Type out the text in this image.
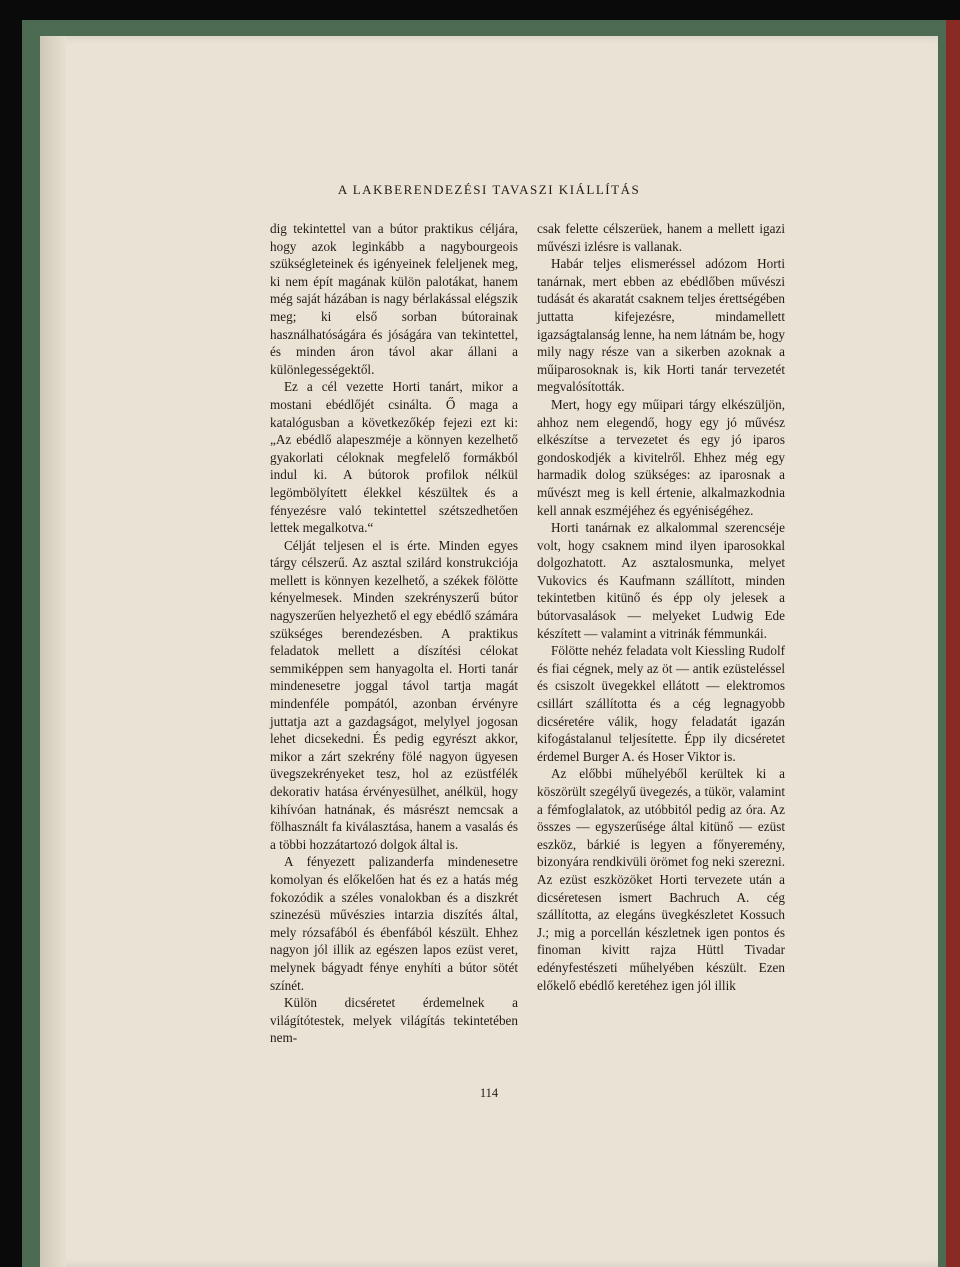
A LAKBERENDEZÉSI TAVASZI KIÁLLÍTÁS

dig tekintettel van a bútor praktikus céljára, hogy azok leginkább a nagybourgeois szükségleteinek és igényeinek feleljenek meg, ki nem épít magának külön palotákat, hanem még saját házában is nagy bérlakással elégszik meg; ki első sorban bútorainak használhatóságára és jóságára van tekintettel, és minden áron távol akar állani a különlegességektől.

Ez a cél vezette Horti tanárt, mikor a mostani ebédlőjét csinálta. Ő maga a katalógusban a következőkép fejezi ezt ki: „Az ebédlő alapeszméje a könnyen kezelhető gyakorlati céloknak megfelelő formákból indul ki. A bútorok profilok nélkül legömbölyített élekkel készültek és a fényezésre való tekintettel szétszedhetően lettek megalkotva.“

Célját teljesen el is érte. Minden egyes tárgy célszerű. Az asztal szilárd konstrukciója mellett is könnyen kezelhető, a székek fölötte kényelmesek. Minden szekrényszerű bútor nagyszerűen helyezhető el egy ebédlő számára szükséges berendezésben. A praktikus feladatok mellett a díszítési célokat semmiképpen sem hanyagolta el. Horti tanár mindenesetre joggal távol tartja magát mindenféle pompától, azonban érvényre juttatja azt a gazdagságot, melylyel jogosan lehet dicsekedni. És pedig egyrészt akkor, mikor a zárt szekrény fölé nagyon ügyesen üvegszekrényeket tesz, hol az ezüstfélék dekorativ hatása érvényesülhet, anélkül, hogy kihívóan hatnának, és másrészt nemcsak a fölhasznált fa kiválasztása, hanem a vasalás és a többi hozzátartozó dolgok által is.

A fényezett palizanderfa mindenesetre komolyan és előkelően hat és ez a hatás még fokozódik a széles vonalokban és a diszkrét szinezésü művészies intarzia diszítés által, mely rózsafából és ébenfából készült. Ehhez nagyon jól illik az egészen lapos ezüst veret, melynek bágyadt fénye enyhíti a bútor sötét színét.

Külön dicséretet érdemelnek a világítótestek, melyek világítás tekintetében nem-

csak felette célszerüek, hanem a mellett igazi művészi izlésre is vallanak.

Habár teljes elismeréssel adózom Horti tanárnak, mert ebben az ebédlőben művészi tudását és akaratát csaknem teljes érettségében juttatta kifejezésre, mindamellett igazságtalanság lenne, ha nem látnám be, hogy mily nagy része van a sikerben azoknak a műiparosoknak is, kik Horti tanár tervezetét megvalósították.

Mert, hogy egy műipari tárgy elkészüljön, ahhoz nem elegendő, hogy egy jó művész elkészítse a tervezetet és egy jó iparos gondoskodjék a kivitelről. Ehhez még egy harmadik dolog szükséges: az iparosnak a művészt meg is kell értenie, alkalmazkodnia kell annak eszméjéhez és egyéniségéhez.

Horti tanárnak ez alkalommal szerencséje volt, hogy csaknem mind ilyen iparosokkal dolgozhatott. Az asztalosmunka, melyet Vukovics és Kaufmann szállított, minden tekintetben kitünő és épp oly jelesek a bútorvasalások — melyeket Ludwig Ede készített — valamint a vitrinák fémmunkái.

Fölötte nehéz feladata volt Kiessling Rudolf és fiai cégnek, mely az öt — antik ezüsteléssel és csiszolt üvegekkel ellátott — elektromos csillárt szállította és a cég legnagyobb dicséretére válik, hogy feladatát igazán kifogástalanul teljesítette. Épp ily dicséretet érdemel Burger A. és Hoser Viktor is.

Az előbbi műhelyéből kerültek ki a köszörült szegélyű üvegezés, a tükör, valamint a fémfoglalatok, az utóbbitól pedig az óra. Az összes — egyszerűsége által kitünő — ezüst eszköz, bárkié is legyen a főnyeremény, bizonyára rendkivüli örömet fog neki szerezni. Az ezüst eszközöket Horti tervezete után a dicséretesen ismert Bachruch A. cég szállította, az elegáns üvegkészletet Kossuch J.; mig a porcellán készletnek igen pontos és finoman kivitt rajza Hüttl Tivadar edényfestészeti műhelyében készült. Ezen előkelő ebédlő keretéhez igen jól illik

114
